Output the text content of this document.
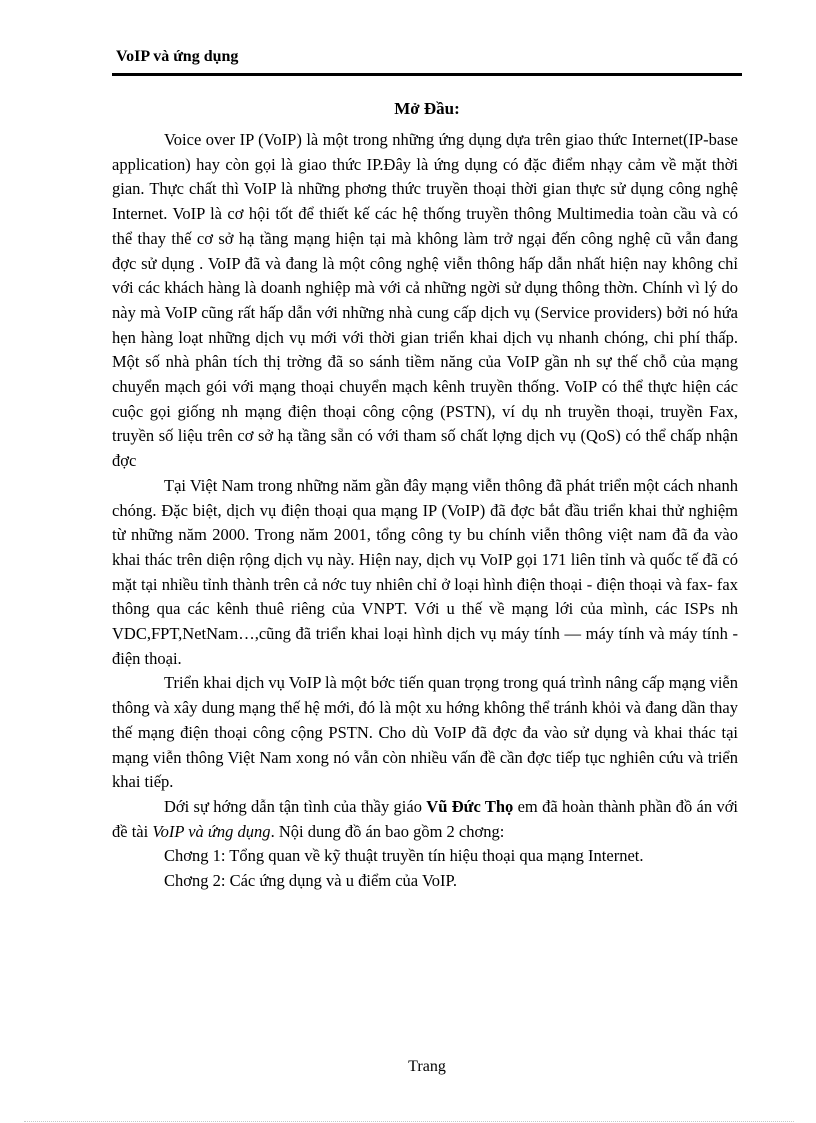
VoIP và ứng dụng
Mở Đầu:

Voice over IP (VoIP) là một trong những ứng dụng dựa trên giao thức Internet(IP-base application) hay còn gọi là giao thức IP.Đây là ứng dụng có đặc điểm nhạy cảm về mặt thời gian. Thực chất thì VoIP là những phơng thức truyền thoại thời gian thực sử dụng công nghệ Internet. VoIP là cơ hội tốt để thiết kế các hệ thống truyền thông Multimedia toàn cầu và có thể thay thế cơ sở hạ tầng mạng hiện tại mà không làm trở ngại đến công nghệ cũ vẫn đang đợc sử dụng . VoIP đã và đang là một công nghệ viễn thông hấp dẫn nhất hiện nay không chỉ với các khách hàng là doanh nghiệp mà với cả những ngời sử dụng thông thờn. Chính vì lý do này mà VoIP cũng rất hấp dẫn với những nhà cung cấp dịch vụ (Service providers) bởi nó hứa hẹn hàng loạt những dịch vụ mới với thời gian triển khai dịch vụ nhanh chóng, chi phí thấp. Một số nhà phân tích thị trờng đã so sánh tiềm năng của VoIP gần nh sự thế chỗ của mạng chuyển mạch gói với mạng thoại chuyển mạch kênh truyền thống. VoIP có thể thực hiện các cuộc gọi giống nh mạng điện thoại công cộng (PSTN), ví dụ nh truyền thoại, truyền Fax, truyền số liệu trên cơ sở hạ tầng sẵn có với tham số chất lợng dịch vụ (QoS) có thể chấp nhận đợc

Tại Việt Nam trong những năm gần đây mạng viễn thông đã phát triển một cách nhanh chóng. Đặc biệt, dịch vụ điện thoại qua mạng IP (VoIP) đã đợc bắt đầu triển khai thử nghiệm từ những năm 2000. Trong năm 2001, tổng công ty bu chính viễn thông việt nam đã đa vào khai thác trên diện rộng dịch vụ này. Hiện nay, dịch vụ VoIP gọi 171 liên tỉnh và quốc tế đã có mặt tại nhiều tỉnh thành trên cả nớc tuy nhiên chỉ ở loại hình điện thoại - điện thoại và fax- fax thông qua các kênh thuê riêng của VNPT. Với u thế về mạng lới của mình, các ISPs nh VDC,FPT,NetNam…,cũng đã triển khai loại hình dịch vụ máy tính — máy tính và máy tính - điện thoại.

Triển khai dịch vụ VoIP là một bớc tiến quan trọng trong quá trình nâng cấp mạng viễn thông và xây dung mạng thế hệ mới, đó là một xu hớng không thể tránh khỏi và đang dần thay thế mạng điện thoại công cộng PSTN. Cho dù VoIP đã đợc đa vào sử dụng và khai thác tại mạng viễn thông Việt Nam xong nó vẫn còn nhiều vấn đề cần đợc tiếp tục nghiên cứu và triển khai tiếp.

Dới sự hớng dẫn tận tình của thầy giáo Vũ Đức Thọ em đã hoàn thành phần đồ án với đề tài VoIP và ứng dụng. Nội dung đồ án bao gồm 2 chơng:

Chơng 1: Tổng quan về kỹ thuật truyền tín hiệu thoại qua mạng Internet.

Chơng 2: Các ứng dụng và u điểm của VoIP.

Trang
